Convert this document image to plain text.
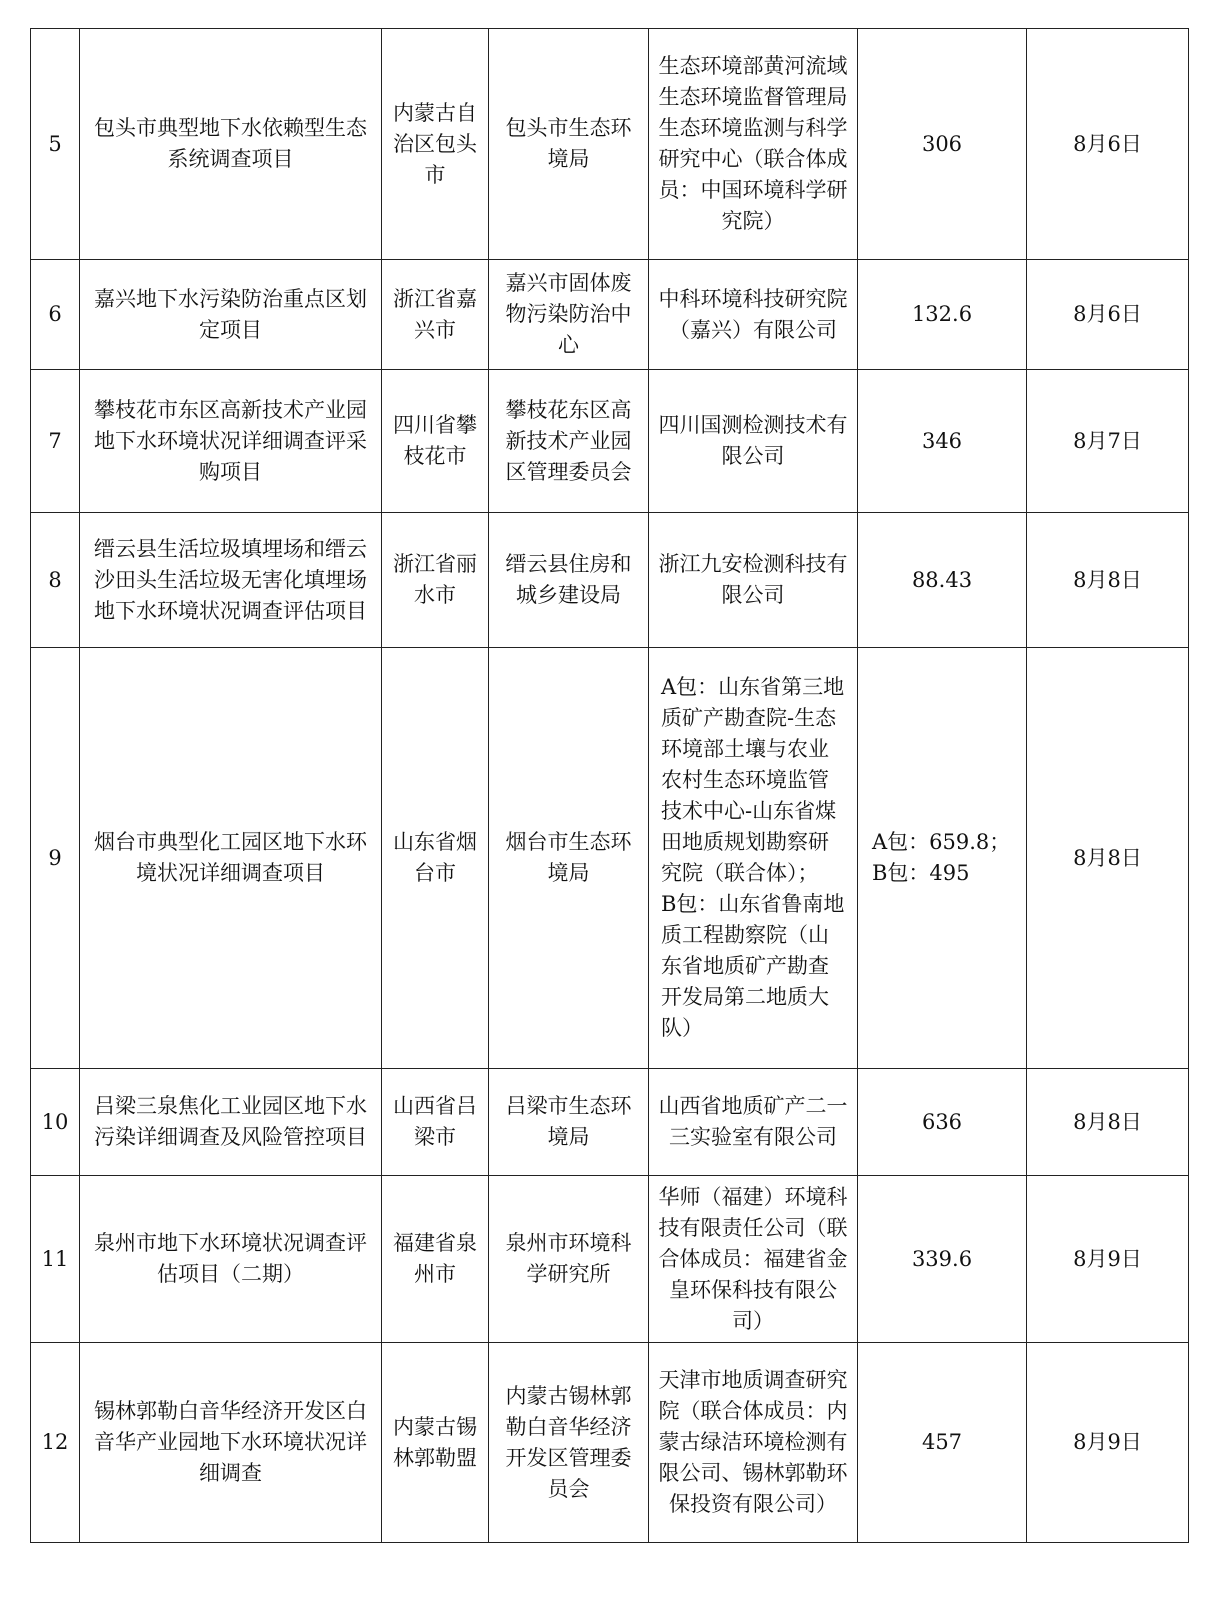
5	包头市典型地下水依赖型生态系统调查项目	内蒙古自治区包头市	包头市生态环境局	生态环境部黄河流域生态环境监督管理局生态环境监测与科学研究中心（联合体成员：中国环境科学研究院）	306	8月6日
6	嘉兴地下水污染防治重点区划定项目	浙江省嘉兴市	嘉兴市固体废物污染防治中心	中科环境科技研究院（嘉兴）有限公司	132.6	8月6日
7	攀枝花市东区高新技术产业园地下水环境状况详细调查评采购项目	四川省攀枝花市	攀枝花东区高新技术产业园区管理委员会	四川国测检测技术有限公司	346	8月7日
8	缙云县生活垃圾填埋场和缙云沙田头生活垃圾无害化填埋场地下水环境状况调查评估项目	浙江省丽水市	缙云县住房和城乡建设局	浙江九安检测科技有限公司	88.43	8月8日
9	烟台市典型化工园区地下水环境状况详细调查项目	山东省烟台市	烟台市生态环境局	A包：山东省第三地质矿产勘查院-生态环境部土壤与农业农村生态环境监管技术中心-山东省煤田地质规划勘察研究院（联合体）；
B包：山东省鲁南地质工程勘察院（山东省地质矿产勘查开发局第二地质大队）	A包：659.8；
B包：495	8月8日
10	吕梁三泉焦化工业园区地下水污染详细调查及风险管控项目	山西省吕梁市	吕梁市生态环境局	山西省地质矿产二一三实验室有限公司	636	8月8日
11	泉州市地下水环境状况调查评估项目（二期）	福建省泉州市	泉州市环境科学研究所	华师（福建）环境科技有限责任公司（联合体成员：福建省金皇环保科技有限公司）	339.6	8月9日
12	锡林郭勒白音华经济开发区白音华产业园地下水环境状况详细调查	内蒙古锡林郭勒盟	内蒙古锡林郭勒白音华经济开发区管理委员会	天津市地质调查研究院（联合体成员：内蒙古绿洁环境检测有限公司、锡林郭勒环保投资有限公司）	457	8月9日
